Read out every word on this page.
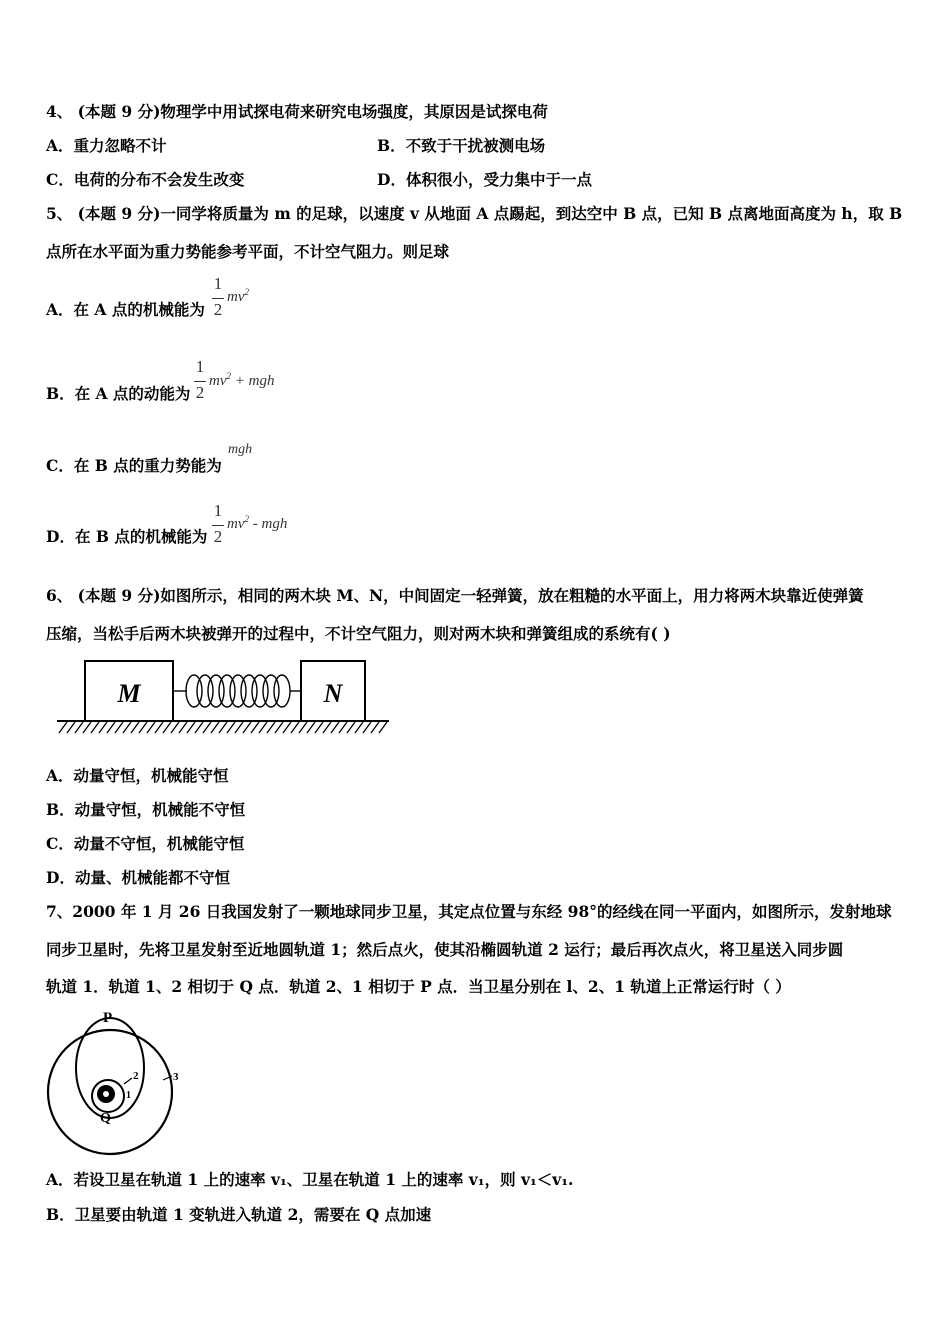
4、 (本题 9 分)物理学中用试探电荷来研究电场强度，其原因是试探电荷
A．重力忽略不计	B．不致于干扰被测电场
C．电荷的分布不会发生改变	D．体积很小，受力集中于一点
5、 (本题 9 分)一同学将质量为 m 的足球，以速度 v 从地面 A 点踢起，到达空中 B 点，已知 B 点离地面高度为 h，取 B
点所在水平面为重力势能参考平面，不计空气阻力。则足球
A．在 A 点的机械能为
1
2
$mv^2$
B．在 A 点的动能为
1
2
$mv^2$ + mgh
C．在 B 点的重力势能为
mgh
D．在 B 点的机械能为
1
2
$mv^2$ - mgh
6、 (本题 9 分)如图所示，相同的两木块 M、N，中间固定一轻弹簧，放在粗糙的水平面上，用力将两木块靠近使弹簧
压缩，当松手后两木块被弹开的过程中，不计空气阻力，则对两木块和弹簧组成的系统有( )
M	N
A．动量守恒，机械能守恒
B．动量守恒，机械能不守恒
C．动量不守恒，机械能守恒
D．动量、机械能都不守恒
7、2000 年 1 月 26 日我国发射了一颗地球同步卫星，其定点位置与东经 98°的经线在同一平面内，如图所示，发射地球
同步卫星时，先将卫星发射至近地圆轨道 1；然后点火，使其沿椭圆轨道 2 运行；最后再次点火，将卫星送入同步圆
轨道 1．轨道 1、2 相切于 Q 点．轨道 2、1 相切于 P 点．当卫星分别在 l、2、1 轨道上正常运行时（ ）
P
Q
1
2	3
A．若设卫星在轨道 1 上的速率 v₁、卫星在轨道 1 上的速率 v₁，则 v₁＜v₁.
B．卫星要由轨道 1 变轨进入轨道 2，需要在 Q 点加速
